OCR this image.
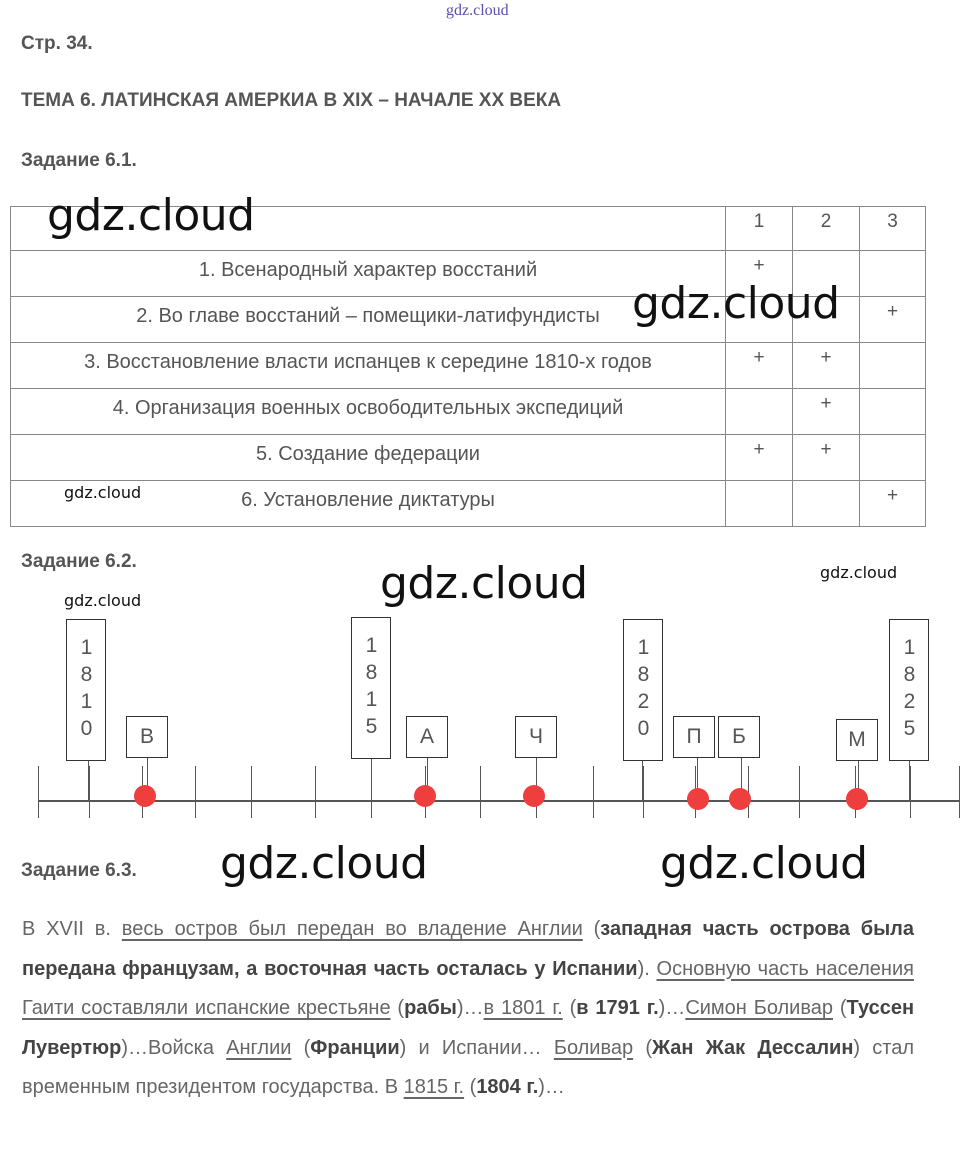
gdz.cloud
Стр. 34.
ТЕМА 6. ЛАТИНСКАЯ АМЕРКИА В XIX – НАЧАЛЕ XX ВЕКА
Задание 6.1.
	1	2	3
1. Всенародный характер восстаний	+		
2. Во главе восстаний – помещики-латифундисты			+
3. Восстановление власти испанцев к середине 1810-х годов	+	+	
4. Организация военных освободительных экспедиций		+	
5. Создание федерации	+	+	
6. Установление диктатуры			+
gdz.cloud
gdz.cloud
gdz.cloud
Задание 6.2.	gdz.cloud	gdz.cloud
gdz.cloud
1810	1815	1820	1825
В	А	Ч	П	Б	М
Задание 6.3. gdz.cloud	gdz.cloud

В XVII в. весь остров был передан во владение Англии (западная часть острова была передана французам, а восточная часть осталась у Испании). Основную часть населения Гаити составляли испанские крестьяне (рабы)…в 1801 г. (в 1791 г.)…Симон Боливар (Туссен Лувертюр)…Войска Англии (Франции) и Испании… Боливар (Жан Жак Дессалин) стал временным президентом государства. В 1815 г. (1804 г.)…
